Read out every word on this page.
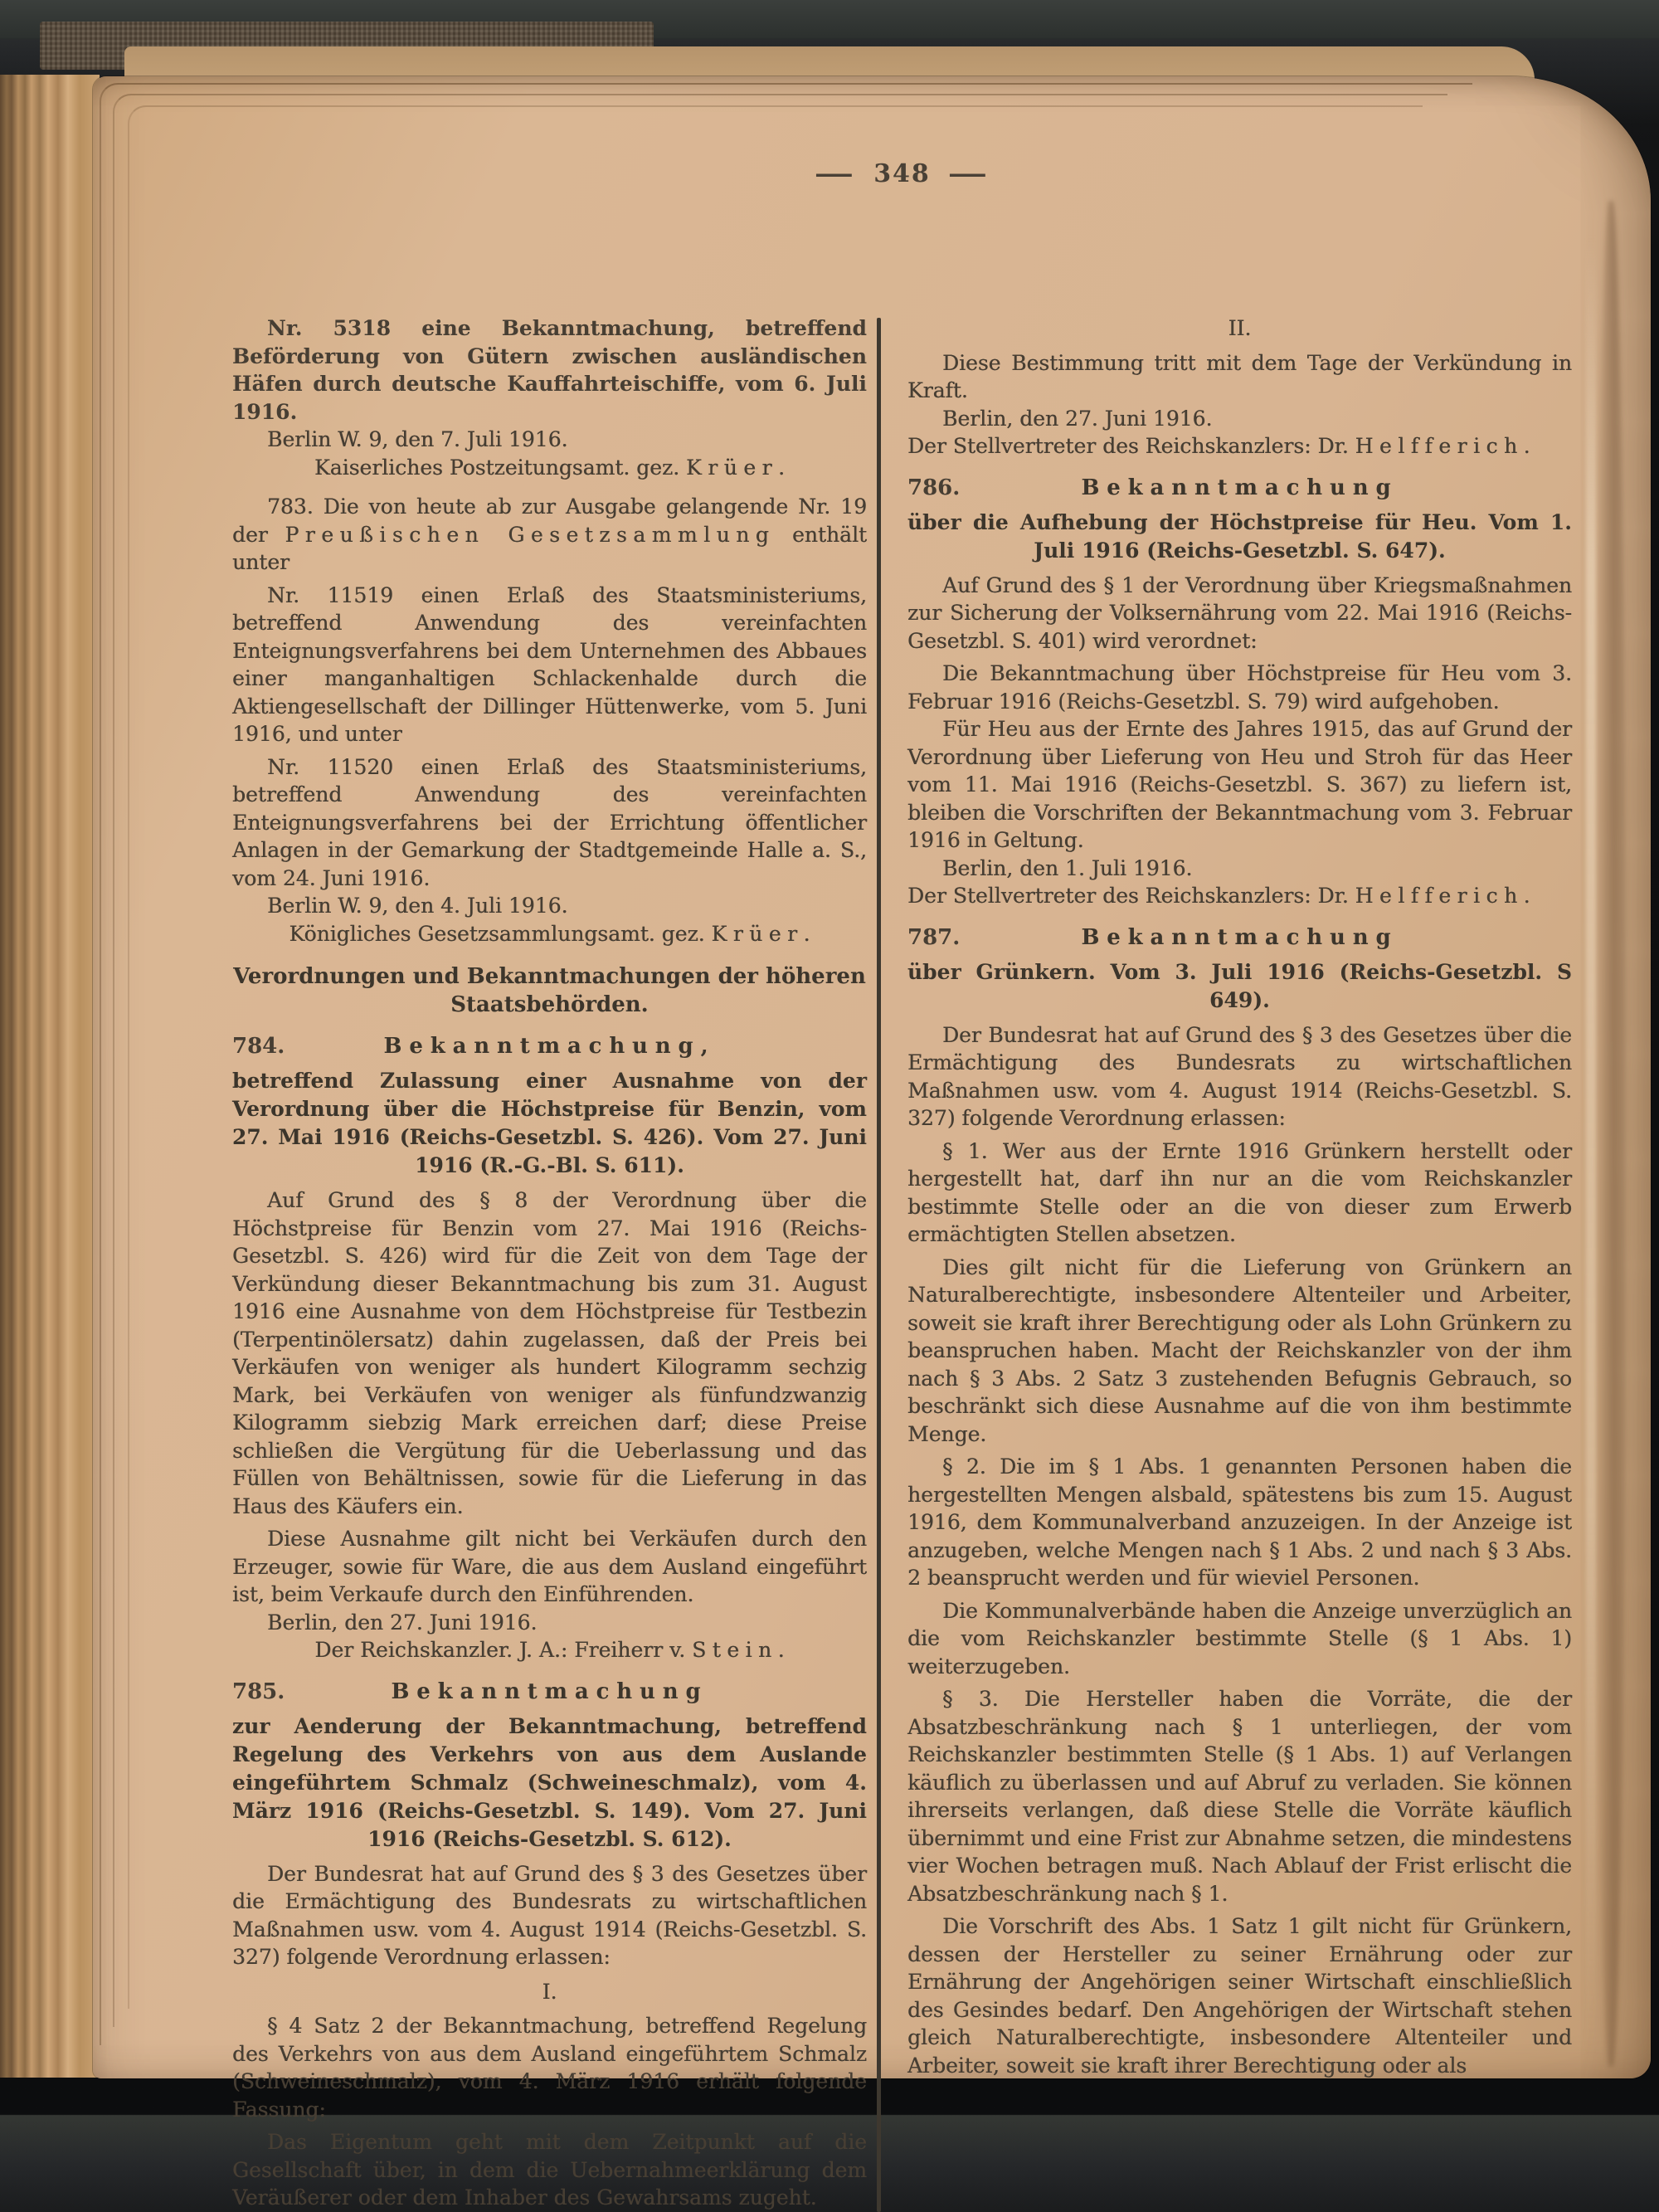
— 348 —

Nr. 5318 eine Bekanntmachung, betreffend Beförderung von Gütern zwischen ausländischen Häfen durch deutsche Kauffahrteischiffe, vom 6. Juli 1916.

Berlin W. 9, den 7. Juli 1916.

Kaiserliches Postzeitungsamt. gez. Krüer.

783. Die von heute ab zur Ausgabe gelangende Nr. 19 der Preußischen Gesetzsammlung enthält unter

Nr. 11519 einen Erlaß des Staatsministeriums, betreffend Anwendung des vereinfachten Enteignungsverfahrens bei dem Unternehmen des Abbaues einer manganhaltigen Schlackenhalde durch die Aktiengesellschaft der Dillinger Hüttenwerke, vom 5. Juni 1916, und unter

Nr. 11520 einen Erlaß des Staatsministeriums, betreffend Anwendung des vereinfachten Enteignungsverfahrens bei der Errichtung öffentlicher Anlagen in der Gemarkung der Stadtgemeinde Halle a. S., vom 24. Juni 1916.

Berlin W. 9, den 4. Juli 1916.

Königliches Gesetzsammlungsamt. gez. Krüer.

Verordnungen und Bekanntmachungen der höheren Staatsbehörden.
784.	Bekanntmachung,

betreffend Zulassung einer Ausnahme von der Verordnung über die Höchstpreise für Benzin, vom 27. Mai 1916 (Reichs-Gesetzbl. S. 426). Vom 27. Juni 1916 (R.-G.-Bl. S. 611).

Auf Grund des § 8 der Verordnung über die Höchstpreise für Benzin vom 27. Mai 1916 (Reichs-Gesetzbl. S. 426) wird für die Zeit von dem Tage der Verkündung dieser Bekanntmachung bis zum 31. August 1916 eine Ausnahme von dem Höchstpreise für Testbezin (Terpentinölersatz) dahin zugelassen, daß der Preis bei Verkäufen von weniger als hundert Kilogramm sechzig Mark, bei Verkäufen von weniger als fünfundzwanzig Kilogramm siebzig Mark erreichen darf; diese Preise schließen die Vergütung für die Ueberlassung und das Füllen von Behältnissen, sowie für die Lieferung in das Haus des Käufers ein.

Diese Ausnahme gilt nicht bei Verkäufen durch den Erzeuger, sowie für Ware, die aus dem Ausland eingeführt ist, beim Verkaufe durch den Einführenden.

Berlin, den 27. Juni 1916.

Der Reichskanzler. J. A.: Freiherr v. Stein.

785.	Bekanntmachung

zur Aenderung der Bekanntmachung, betreffend Regelung des Verkehrs von aus dem Auslande eingeführtem Schmalz (Schweineschmalz), vom 4. März 1916 (Reichs-Gesetzbl. S. 149). Vom 27. Juni 1916 (Reichs-Gesetzbl. S. 612).

Der Bundesrat hat auf Grund des § 3 des Gesetzes über die Ermächtigung des Bundesrats zu wirtschaftlichen Maßnahmen usw. vom 4. August 1914 (Reichs-Gesetzbl. S. 327) folgende Verordnung erlassen:

I.

§ 4 Satz 2 der Bekanntmachung, betreffend Regelung des Verkehrs von aus dem Ausland eingeführtem Schmalz (Schweineschmalz), vom 4. März 1916 erhält folgende Fassung:

Das Eigentum geht mit dem Zeitpunkt auf die Gesellschaft über, in dem die Uebernahmeerklärung dem Veräußerer oder dem Inhaber des Gewahrsams zugeht.

II.

Diese Bestimmung tritt mit dem Tage der Verkündung in Kraft.

Berlin, den 27. Juni 1916.

Der Stellvertreter des Reichskanzlers: Dr. Helfferich.

786.	Bekanntmachung

über die Aufhebung der Höchstpreise für Heu. Vom 1. Juli 1916 (Reichs-Gesetzbl. S. 647).

Auf Grund des § 1 der Verordnung über Kriegsmaßnahmen zur Sicherung der Volksernährung vom 22. Mai 1916 (Reichs-Gesetzbl. S. 401) wird verordnet:

Die Bekanntmachung über Höchstpreise für Heu vom 3. Februar 1916 (Reichs-Gesetzbl. S. 79) wird aufgehoben.

Für Heu aus der Ernte des Jahres 1915, das auf Grund der Verordnung über Lieferung von Heu und Stroh für das Heer vom 11. Mai 1916 (Reichs-Gesetzbl. S. 367) zu liefern ist, bleiben die Vorschriften der Bekanntmachung vom 3. Februar 1916 in Geltung.

Berlin, den 1. Juli 1916.

Der Stellvertreter des Reichskanzlers: Dr. Helfferich.

787.	Bekanntmachung

über Grünkern. Vom 3. Juli 1916 (Reichs-Gesetzbl. S 649).

Der Bundesrat hat auf Grund des § 3 des Gesetzes über die Ermächtigung des Bundesrats zu wirtschaftlichen Maßnahmen usw. vom 4. August 1914 (Reichs-Gesetzbl. S. 327) folgende Verordnung erlassen:

§ 1. Wer aus der Ernte 1916 Grünkern herstellt oder hergestellt hat, darf ihn nur an die vom Reichskanzler bestimmte Stelle oder an die von dieser zum Erwerb ermächtigten Stellen absetzen.

Dies gilt nicht für die Lieferung von Grünkern an Naturalberechtigte, insbesondere Altenteiler und Arbeiter, soweit sie kraft ihrer Berechtigung oder als Lohn Grünkern zu beanspruchen haben. Macht der Reichskanzler von der ihm nach § 3 Abs. 2 Satz 3 zustehenden Befugnis Gebrauch, so beschränkt sich diese Ausnahme auf die von ihm bestimmte Menge.

§ 2. Die im § 1 Abs. 1 genannten Personen haben die hergestellten Mengen alsbald, spätestens bis zum 15. August 1916, dem Kommunalverband anzuzeigen. In der Anzeige ist anzugeben, welche Mengen nach § 1 Abs. 2 und nach § 3 Abs. 2 beansprucht werden und für wieviel Personen.

Die Kommunalverbände haben die Anzeige unverzüglich an die vom Reichskanzler bestimmte Stelle (§ 1 Abs. 1) weiterzugeben.

§ 3. Die Hersteller haben die Vorräte, die der Absatzbeschränkung nach § 1 unterliegen, der vom Reichskanzler bestimmten Stelle (§ 1 Abs. 1) auf Verlangen käuflich zu überlassen und auf Abruf zu verladen. Sie können ihrerseits verlangen, daß diese Stelle die Vorräte käuflich übernimmt und eine Frist zur Abnahme setzen, die mindestens vier Wochen betragen muß. Nach Ablauf der Frist erlischt die Absatzbeschränkung nach § 1.

Die Vorschrift des Abs. 1 Satz 1 gilt nicht für Grünkern, dessen der Hersteller zu seiner Ernährung oder zur Ernährung der Angehörigen seiner Wirtschaft einschließlich des Gesindes bedarf. Den Angehörigen der Wirtschaft stehen gleich Naturalberechtigte, insbesondere Altenteiler und Arbeiter, soweit sie kraft ihrer Berechtigung oder als
